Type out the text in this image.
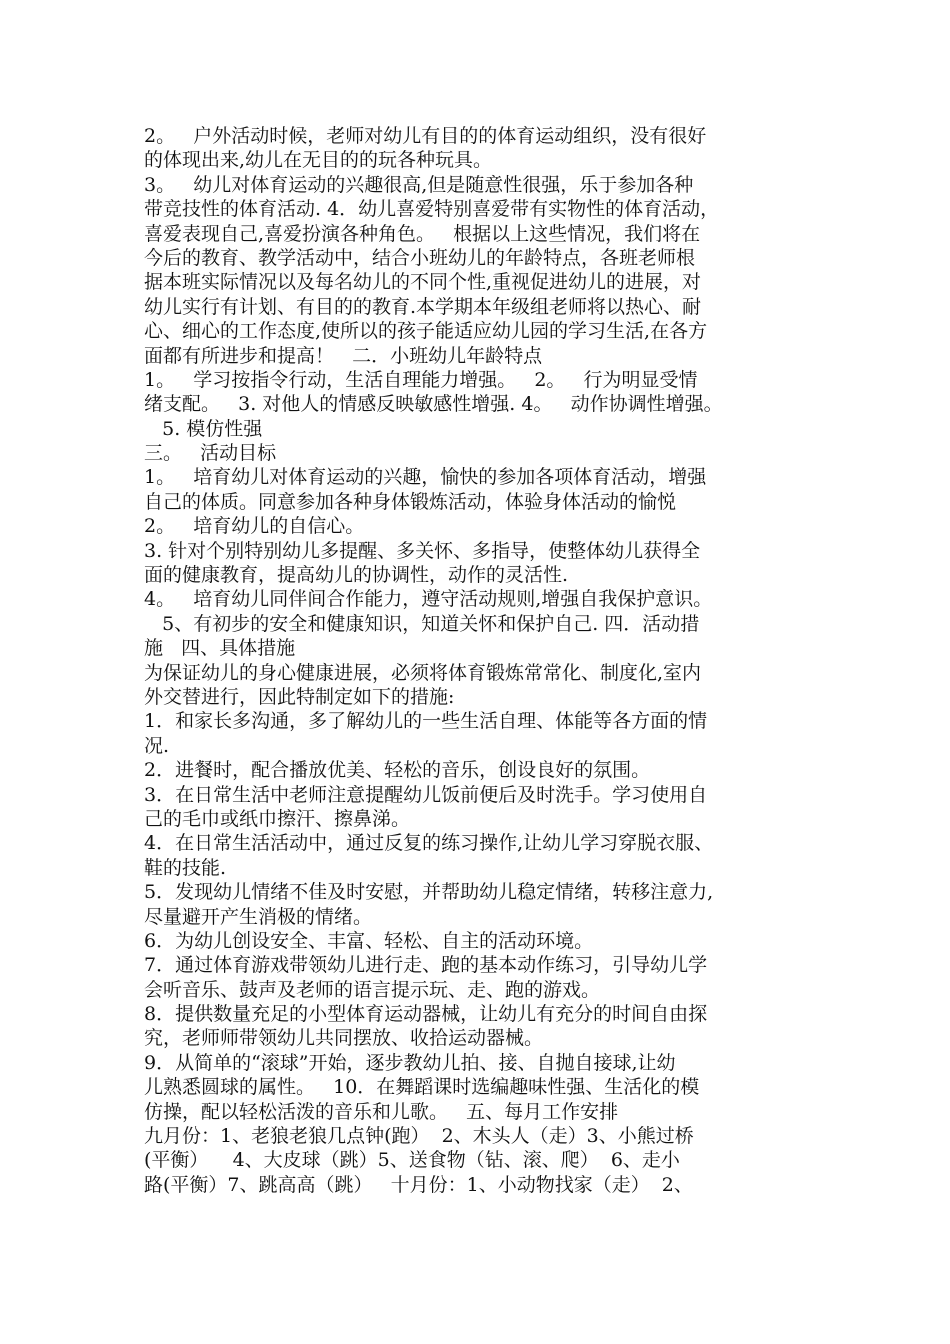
2。   户外活动时候，老师对幼儿有目的的体育运动组织，没有很好
的体现出来,幼儿在无目的的玩各种玩具。
3。   幼儿对体育运动的兴趣很高,但是随意性很强，乐于参加各种
带竞技性的体育活动. 4．幼儿喜爱特别喜爱带有实物性的体育活动，
喜爱表现自己,喜爱扮演各种角色。   根据以上这些情况，我们将在
今后的教育、教学活动中，结合小班幼儿的年龄特点，各班老师根
据本班实际情况以及每名幼儿的不同个性,重视促进幼儿的进展，对
幼儿实行有计划、有目的的教育.本学期本年级组老师将以热心、耐
心、细心的工作态度,使所以的孩子能适应幼儿园的学习生活,在各方
面都有所进步和提高！   二．小班幼儿年龄特点
1。   学习按指令行动，生活自理能力增强。   2。   行为明显受情
绪支配。   3. 对他人的情感反映敏感性增强. 4。   动作协调性增强。
5. 模仿性强
三。   活动目标
1。   培育幼儿对体育运动的兴趣，愉快的参加各项体育活动，增强
自己的体质。同意参加各种身体锻炼活动，体验身体活动的愉悦
2。   培育幼儿的自信心。
3. 针对个别特别幼儿多提醒、多关怀、多指导，使整体幼儿获得全
面的健康教育，提高幼儿的协调性，动作的灵活性.
4。   培育幼儿同伴间合作能力，遵守活动规则,增强自我保护意识。
5、有初步的安全和健康知识，知道关怀和保护自己. 四．活动措
施   四、具体措施
为保证幼儿的身心健康进展，必须将体育锻炼常常化、制度化,室内
外交替进行，因此特制定如下的措施:
1．和家长多沟通，多了解幼儿的一些生活自理、体能等各方面的情
况.
2．进餐时，配合播放优美、轻松的音乐，创设良好的氛围。
3．在日常生活中老师注意提醒幼儿饭前便后及时洗手。学习使用自
己的毛巾或纸巾擦汗、擦鼻涕。
4．在日常生活活动中，通过反复的练习操作,让幼儿学习穿脱衣服、
鞋的技能.
5．发现幼儿情绪不佳及时安慰，并帮助幼儿稳定情绪，转移注意力,
尽量避开产生消极的情绪。
6．为幼儿创设安全、丰富、轻松、自主的活动环境。
7．通过体育游戏带领幼儿进行走、跑的基本动作练习，引导幼儿学
会听音乐、鼓声及老师的语言提示玩、走、跑的游戏。
8．提供数量充足的小型体育运动器械，让幼儿有充分的时间自由探
究，老师师带领幼儿共同摆放、收拾运动器械。
9．从简单的“滚球”开始，逐步教幼儿拍、接、自抛自接球,让幼
儿熟悉圆球的属性。   10．在舞蹈课时选编趣味性强、生活化的模
仿操，配以轻松活泼的音乐和儿歌。   五、每月工作安排
九月份：1、老狼老狼几点钟(跑）  2、木头人（走）3、小熊过桥
(平衡）    4、大皮球（跳）5、送食物（钻、滚、爬）  6、走小
路(平衡）7、跳高高（跳）   十月份：1、小动物找家（走）  2、
